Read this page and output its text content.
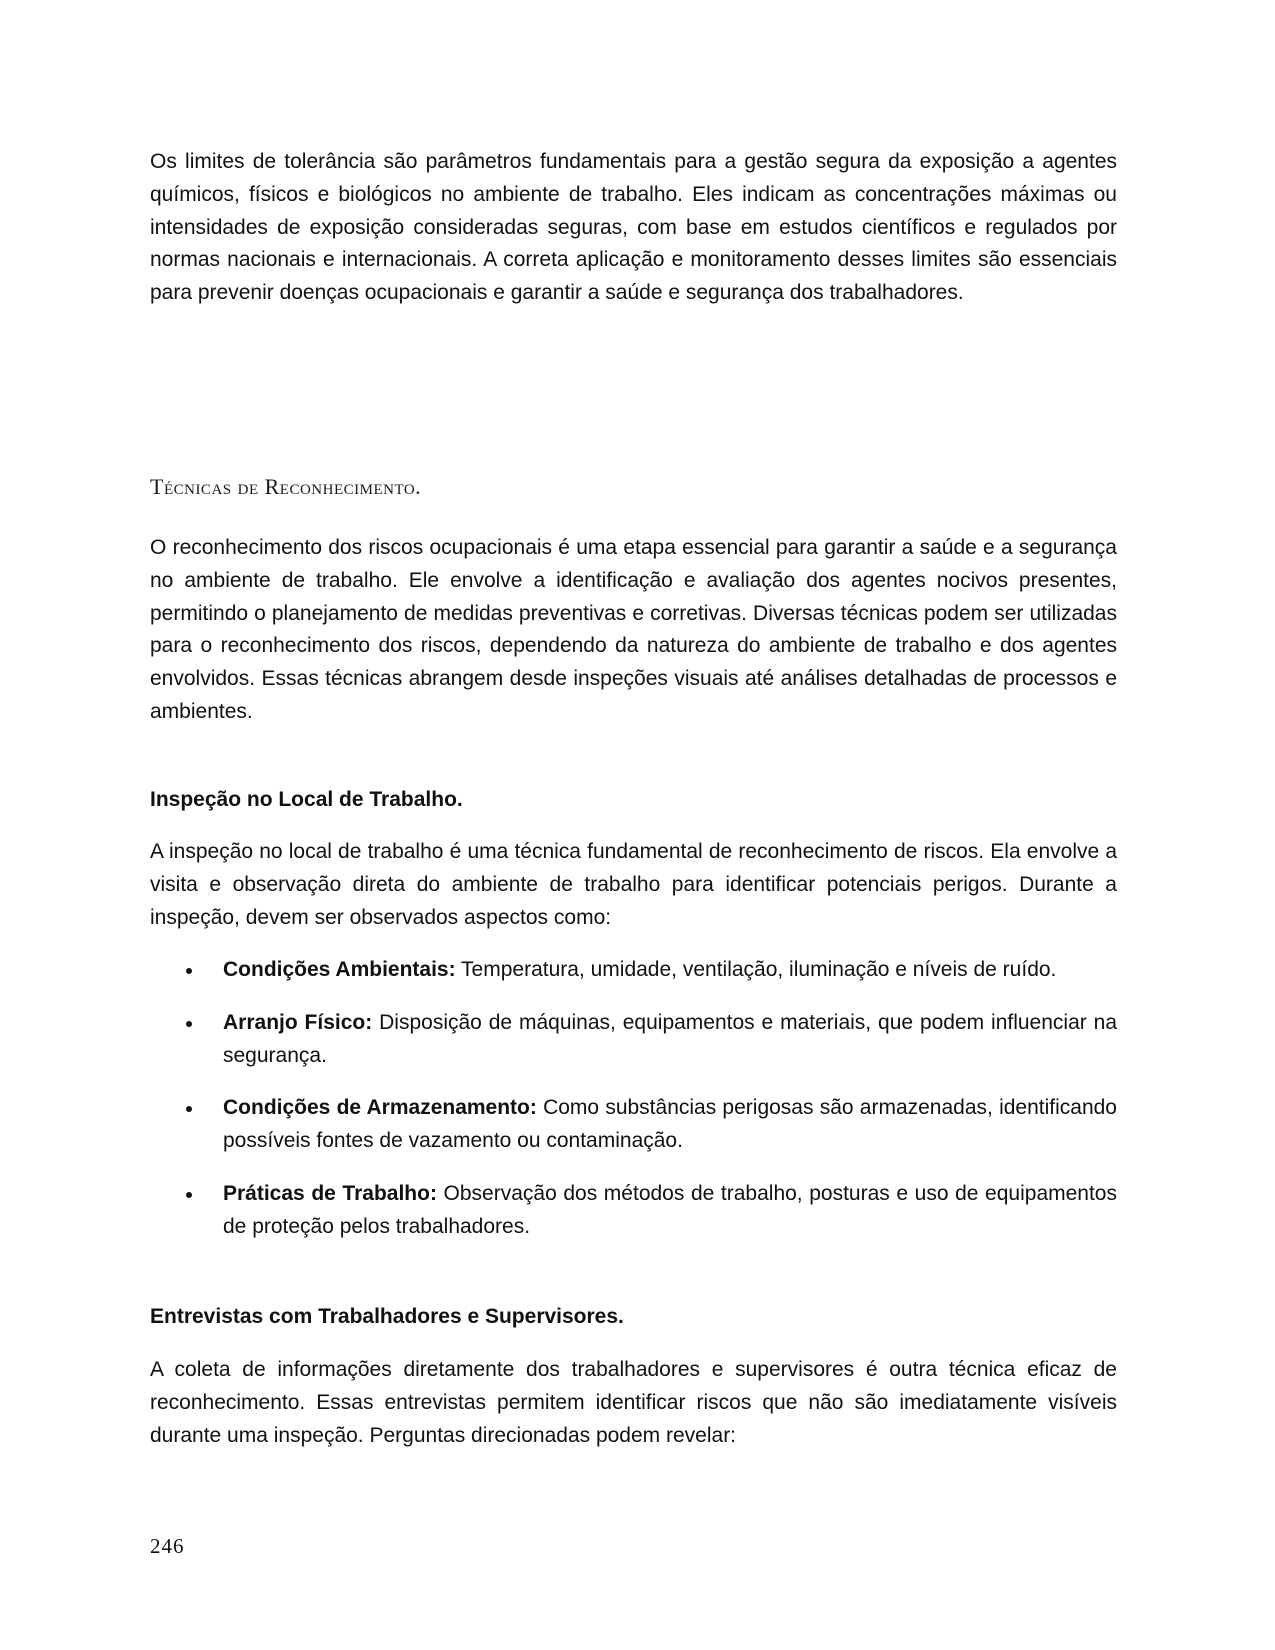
Os limites de tolerância são parâmetros fundamentais para a gestão segura da exposição a agentes químicos, físicos e biológicos no ambiente de trabalho. Eles indicam as concentrações máximas ou intensidades de exposição consideradas seguras, com base em estudos científicos e regulados por normas nacionais e internacionais. A correta aplicação e monitoramento desses limites são essenciais para prevenir doenças ocupacionais e garantir a saúde e segurança dos trabalhadores.

Técnicas de Reconhecimento.

O reconhecimento dos riscos ocupacionais é uma etapa essencial para garantir a saúde e a segurança no ambiente de trabalho. Ele envolve a identificação e avaliação dos agentes nocivos presentes, permitindo o planejamento de medidas preventivas e corretivas. Diversas técnicas podem ser utilizadas para o reconhecimento dos riscos, dependendo da natureza do ambiente de trabalho e dos agentes envolvidos. Essas técnicas abrangem desde inspeções visuais até análises detalhadas de processos e ambientes.

Inspeção no Local de Trabalho.

A inspeção no local de trabalho é uma técnica fundamental de reconhecimento de riscos. Ela envolve a visita e observação direta do ambiente de trabalho para identificar potenciais perigos. Durante a inspeção, devem ser observados aspectos como:

Condições Ambientais: Temperatura, umidade, ventilação, iluminação e níveis de ruído.
Arranjo Físico: Disposição de máquinas, equipamentos e materiais, que podem influenciar na segurança.
Condições de Armazenamento: Como substâncias perigosas são armazenadas, identificando possíveis fontes de vazamento ou contaminação.
Práticas de Trabalho: Observação dos métodos de trabalho, posturas e uso de equipamentos de proteção pelos trabalhadores.

Entrevistas com Trabalhadores e Supervisores.

A coleta de informações diretamente dos trabalhadores e supervisores é outra técnica eficaz de reconhecimento. Essas entrevistas permitem identificar riscos que não são imediatamente visíveis durante uma inspeção. Perguntas direcionadas podem revelar:

246
